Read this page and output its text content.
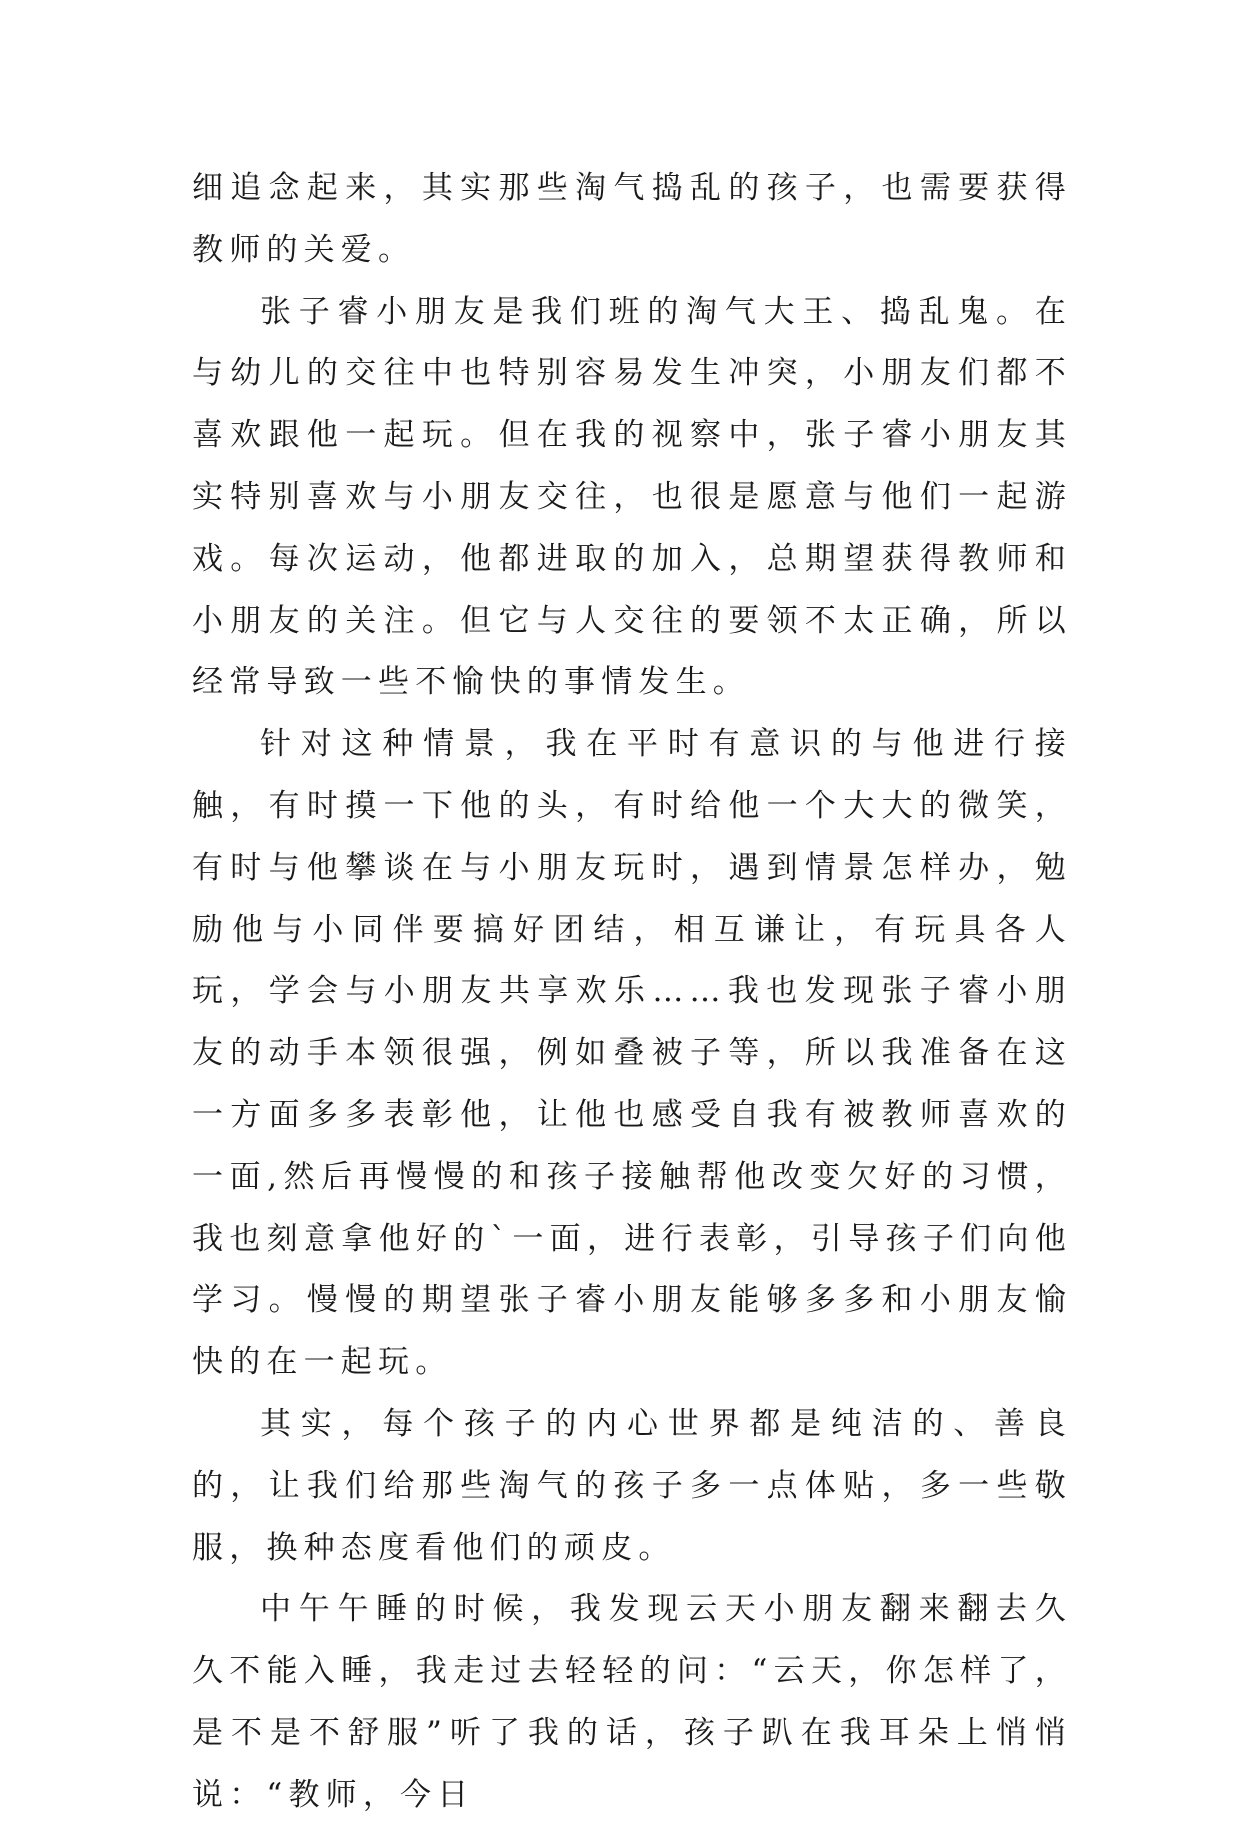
细追念起来，其实那些淘气捣乱的孩子，也需要获得教师的关爱。

张子睿小朋友是我们班的淘气大王、捣乱鬼。在与幼儿的交往中也特别容易发生冲突，小朋友们都不喜欢跟他一起玩。但在我的视察中，张子睿小朋友其实特别喜欢与小朋友交往，也很是愿意与他们一起游戏。每次运动，他都进取的加入，总期望获得教师和小朋友的关注。但它与人交往的要领不太正确，所以经常导致一些不愉快的事情发生。

针对这种情景，我在平时有意识的与他进行接触，有时摸一下他的头，有时给他一个大大的微笑，有时与他攀谈在与小朋友玩时，遇到情景怎样办，勉励他与小同伴要搞好团结，相互谦让，有玩具各人玩，学会与小朋友共享欢乐……我也发现张子睿小朋友的动手本领很强，例如叠被子等，所以我准备在这一方面多多表彰他，让他也感受自我有被教师喜欢的一面,然后再慢慢的和孩子接触帮他改变欠好的习惯，我也刻意拿他好的`一面，进行表彰，引导孩子们向他学习。慢慢的期望张子睿小朋友能够多多和小朋友愉快的在一起玩。

其实，每个孩子的内心世界都是纯洁的、善良的，让我们给那些淘气的孩子多一点体贴，多一些敬服，换种态度看他们的顽皮。

中午午睡的时候，我发现云天小朋友翻来翻去久久不能入睡，我走过去轻轻的问：“云天，你怎样了，是不是不舒服”听了我的话，孩子趴在我耳朵上悄悄说：“教师，今日
